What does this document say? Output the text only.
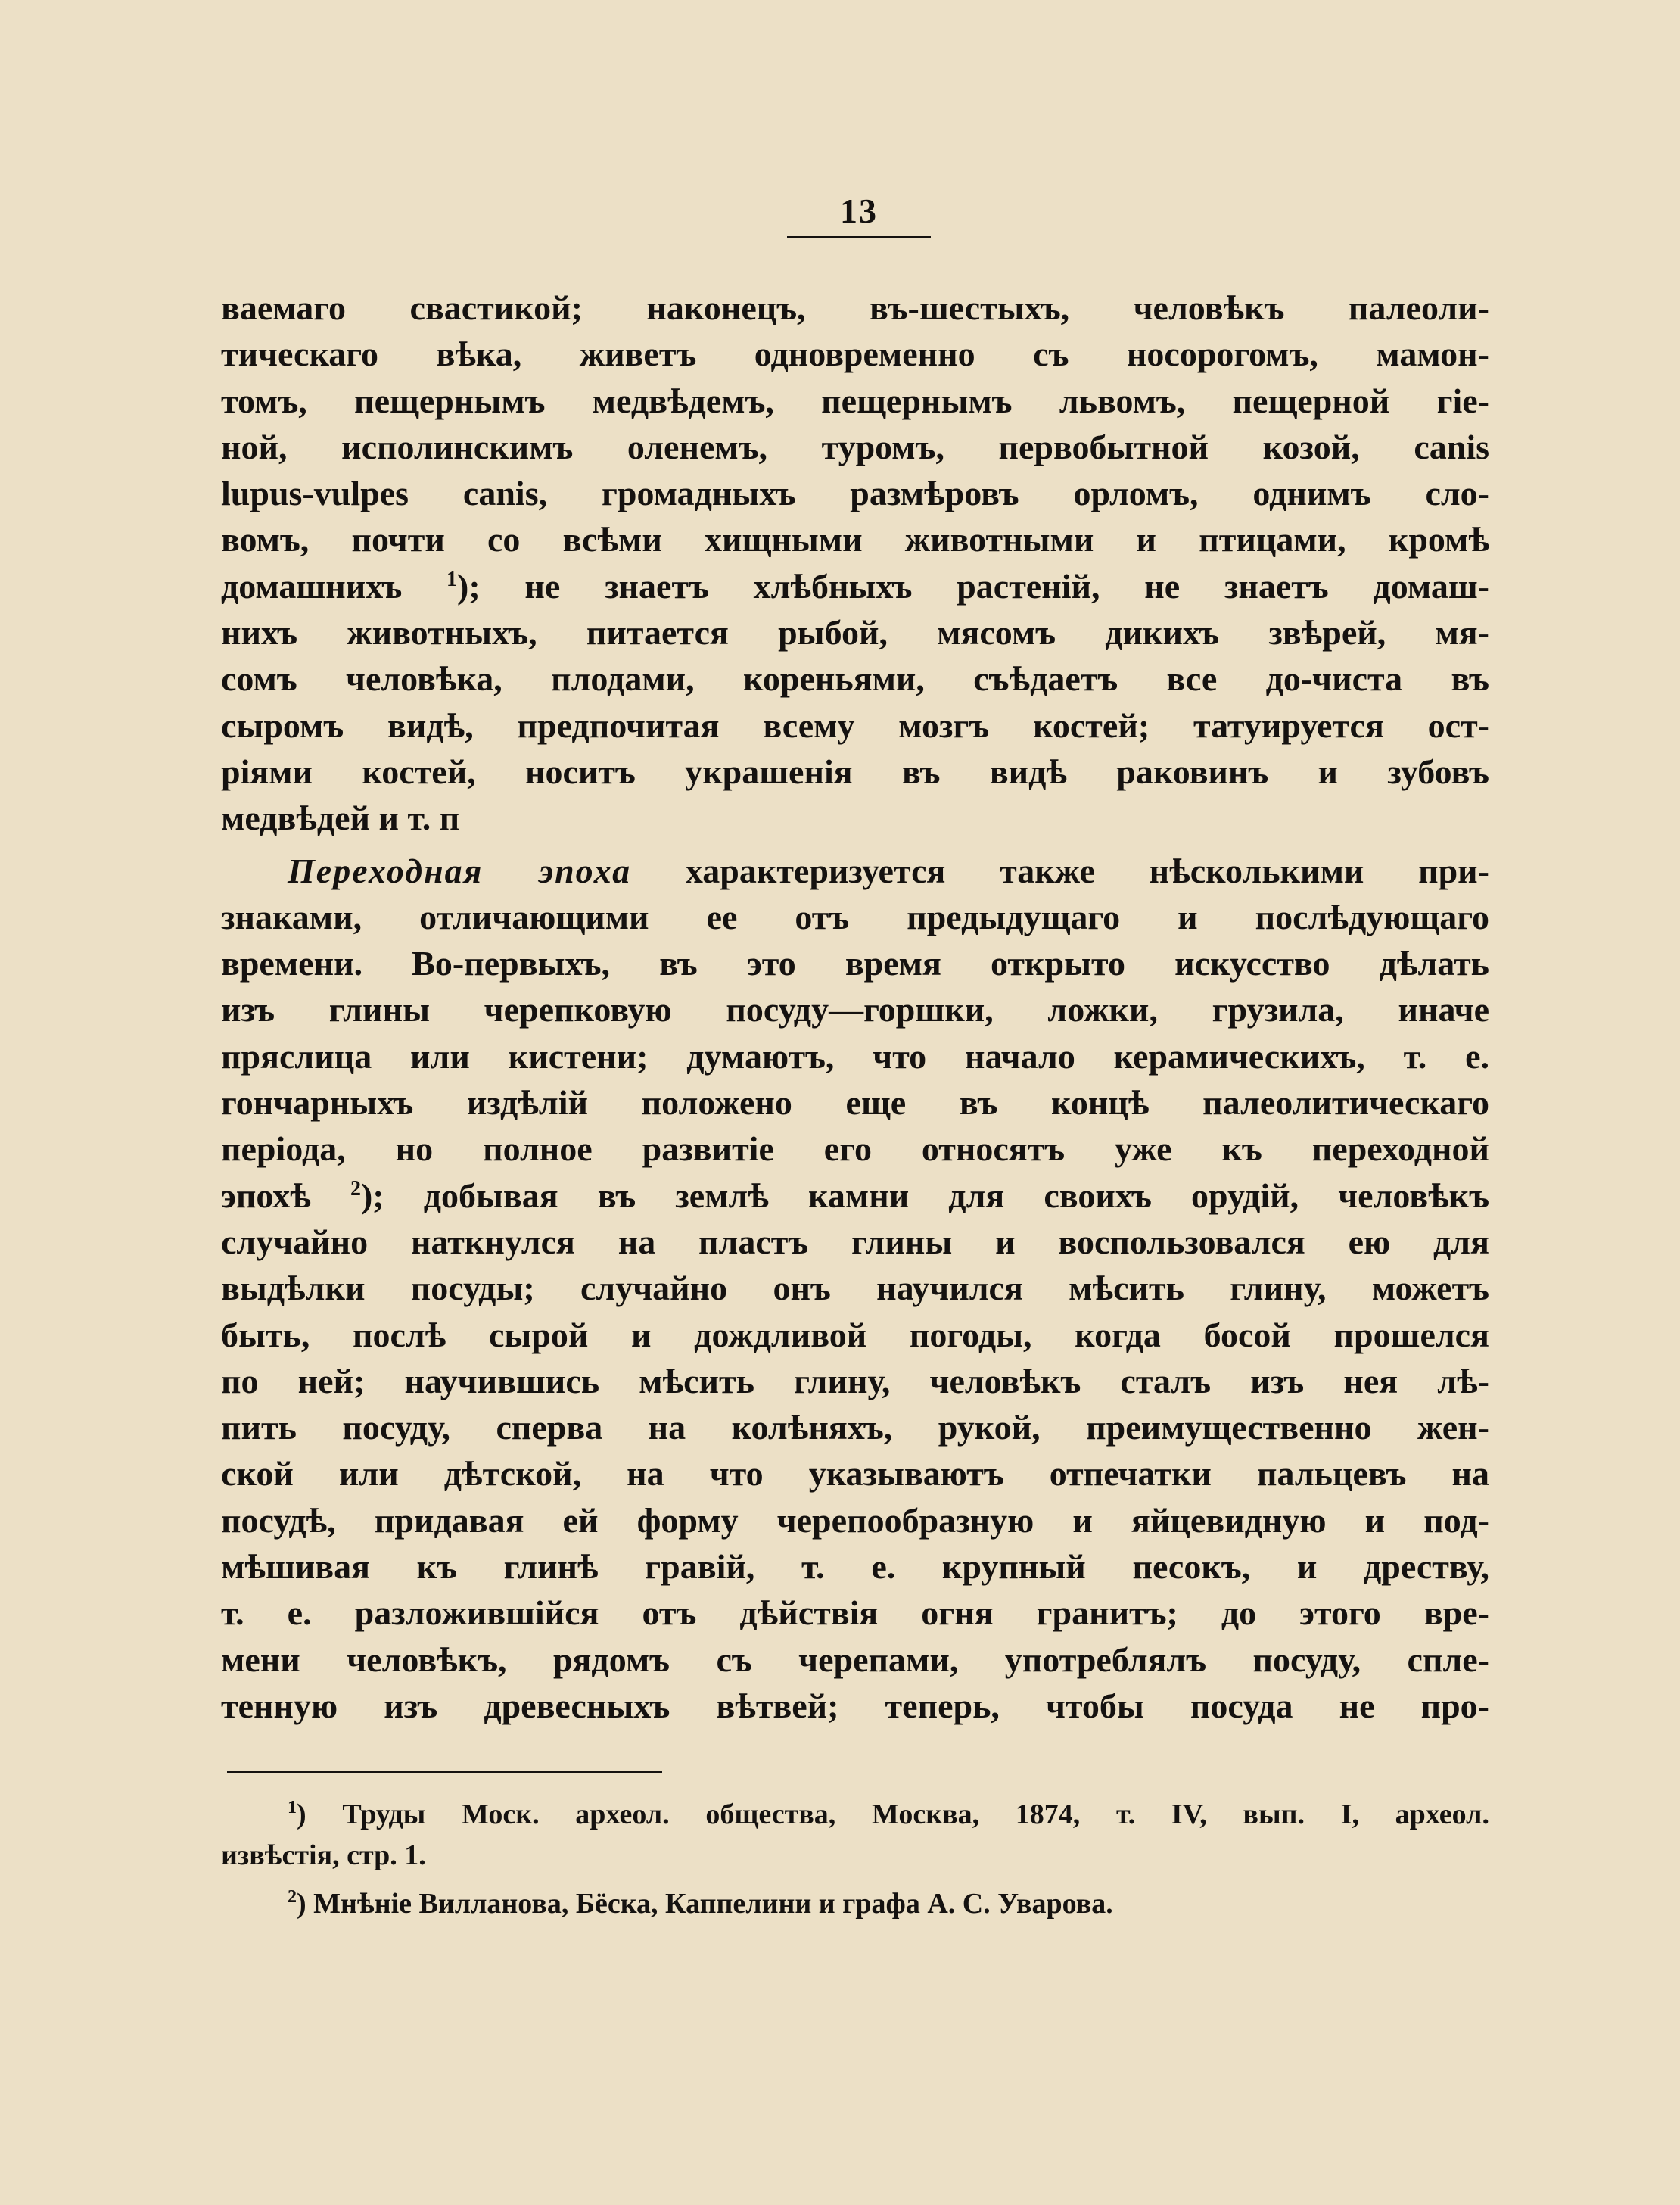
13
ваемаго свастикой; наконецъ, въ-шестыхъ, человѣкъ палеоли-
тическаго вѣка, живетъ одновременно съ носорогомъ, мамон-
томъ, пещернымъ медвѣдемъ, пещернымъ львомъ, пещерной гіе-
ной, исполинскимъ оленемъ, туромъ, первобытной козой, canis
lupus-vulpes canis, громадныхъ размѣровъ орломъ, однимъ сло-
вомъ, почти со всѣми хищными животными и птицами, кромѣ
домашнихъ $^1$); не знаетъ хлѣбныхъ растеній, не знаетъ домаш-
нихъ животныхъ, питается рыбой, мясомъ дикихъ звѣрей, мя-
сомъ человѣка, плодами, кореньями, съѣдаетъ все до-чиста въ
сыромъ видѣ, предпочитая всему мозгъ костей; татуируется ост-
ріями костей, носитъ украшенія въ видѣ раковинъ и зубовъ
медвѣдей и т. п
Переходная эпоха характеризуется также нѣсколькими при-
знаками, отличающими ее отъ предыдущаго и послѣдующаго
времени. Во-первыхъ, въ это время открыто искусство дѣлать
изъ глины черепковую посуду—горшки, ложки, грузила, иначе
пряслица или кистени; думаютъ, что начало керамическихъ, т. е.
гончарныхъ издѣлій положено еще въ концѣ палеолитическаго
періода, но полное развитіе его относятъ уже къ переходной
эпохѣ $^2$); добывая въ землѣ камни для своихъ орудій, человѣкъ
случайно наткнулся на пластъ глины и воспользовался ею для
выдѣлки посуды; случайно онъ научился мѣсить глину, можетъ
быть, послѣ сырой и дождливой погоды, когда босой прошелся
по ней; научившись мѣсить глину, человѣкъ сталъ изъ нея лѣ-
пить посуду, сперва на колѣняхъ, рукой, преимущественно жен-
ской или дѣтской, на что указываютъ отпечатки пальцевъ на
посудѣ, придавая ей форму черепообразную и яйцевидную и под-
мѣшивая къ глинѣ гравій, т. е. крупный песокъ, и дреству,
т. е. разложившійся отъ дѣйствія огня гранитъ; до этого вре-
мени человѣкъ, рядомъ съ черепами, употреблялъ посуду, спле-
тенную изъ древесныхъ вѣтвей; теперь, чтобы посуда не про-
$^1$) Труды Моск. археол. общества, Москва, 1874, т. IV, вып. I, археол.
извѣстія, стр. 1.
$^2$) Мнѣніе Вилланова, Бёска, Каппелини и графа А. С. Уварова.
